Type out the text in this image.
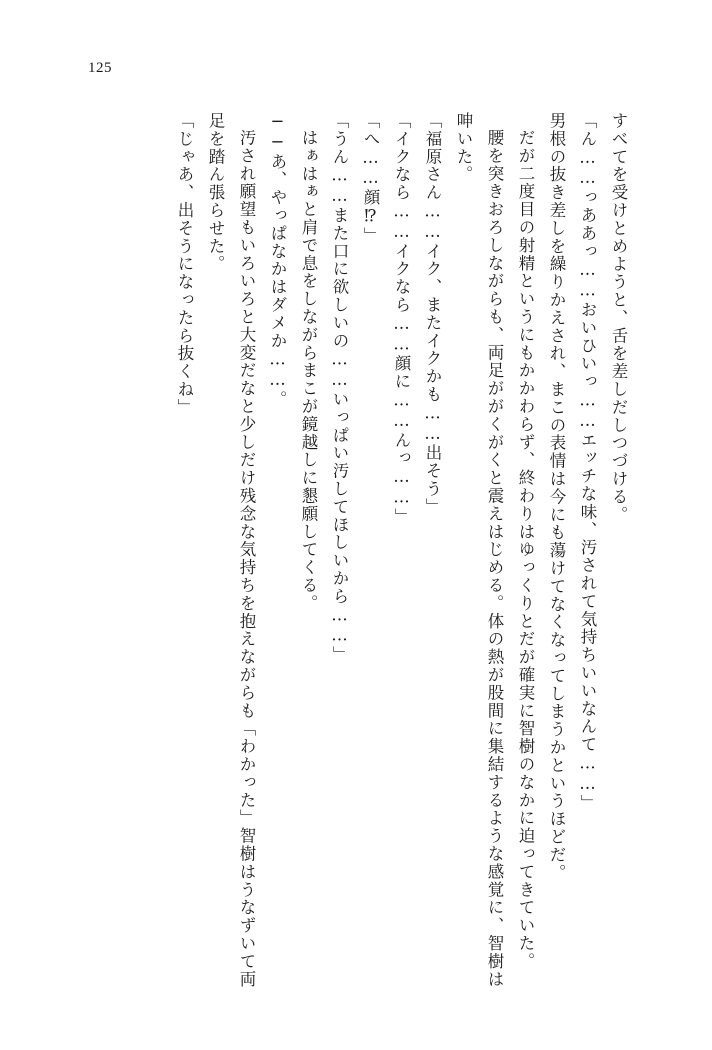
125

すべてを受けとめようと、舌を差しだしつづける。

「ん……っああっ……おいひいっ……エッチな味、汚されて気持ちいいなんて……」

男根の抜き差しを繰りかえされ、まこの表情は今にも蕩けてなくなってしまうかというほどだ。

だが二度目の射精というにもかかわらず、終わりはゆっくりとだが確実に智樹のなかに迫ってきていた。

腰を突きおろしながらも、両足ががくがくと震えはじめる。体の熱が股間に集結するような感覚に、智樹は呻いた。

「福原さん……イク、またイクかも……出そう」

「イクなら……イクなら……顔に……んっ……」

「へ……顔⁉」

「うん……また口に欲しいの……いっぱい汚してほしいから……」

はぁはぁと肩で息をしながらまこが鏡越しに懇願してくる。

──あ、やっぱなかはダメか……。

汚され願望もいろいろと大変だなと少しだけ残念な気持ちを抱えながらも「わかった」智樹はうなずいて両足を踏ん張らせた。

「じゃあ、出そうになったら抜くね」
